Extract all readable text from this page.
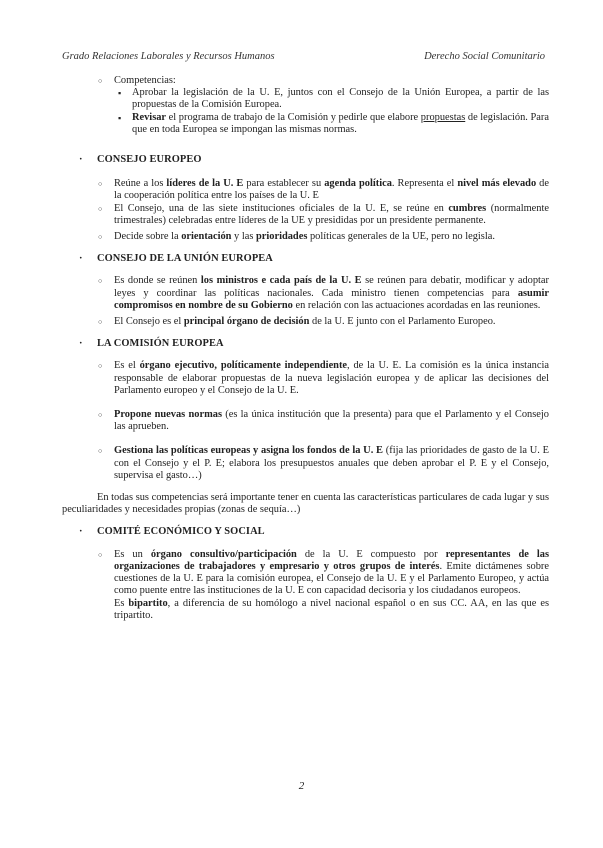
Grado Relaciones Laborales y Recursos Humanos	Derecho Social Comunitario
○ Competencias:
▪ Aprobar la legislación de la U. E, juntos con el Consejo de la Unión Europea, a partir de las propuestas de la Comisión Europea.
▪ Revisar el programa de trabajo de la Comisión y pedirle que elabore propuestas de legislación. Para que en toda Europea se impongan las mismas normas.
· CONSEJO EUROPEO
○ Reúne a los líderes de la U. E para establecer su agenda política. Representa el nivel más elevado de la cooperación política entre los países de la U. E
○ El Consejo, una de las siete instituciones oficiales de la U. E, se reúne en cumbres (normalmente trimestrales) celebradas entre líderes de la UE y presididas por un presidente permanente.
○ Decide sobre la orientación y las prioridades políticas generales de la UE, pero no legisla.
· CONSEJO DE LA UNIÓN EUROPEA
○ Es donde se reúnen los ministros e cada país de la U. E se reúnen para debatir, modificar y adoptar leyes y coordinar las políticas nacionales. Cada ministro tienen competencias para asumir compromisos en nombre de su Gobierno en relación con las actuaciones acordadas en las reuniones.
○ El Consejo es el principal órgano de decisión de la U. E junto con el Parlamento Europeo.
· LA COMISIÓN EUROPEA
○ Es el órgano ejecutivo, políticamente independiente, de la U. E. La comisión es la única instancia responsable de elaborar propuestas de la nueva legislación europea y de aplicar las decisiones del Parlamento europeo y el Consejo de la U. E.
○ Propone nuevas normas (es la única institución que la presenta) para que el Parlamento y el Consejo las aprueben.
○ Gestiona las políticas europeas y asigna los fondos de la U. E (fija las prioridades de gasto de la U. E con el Consejo y el P. E; elabora los presupuestos anuales que deben aprobar el P. E y el Consejo, supervisa el gasto…)
En todas sus competencias será importante tener en cuenta las características particulares de cada lugar y sus peculiaridades y necesidades propias (zonas de sequía…)
· COMITÉ ECONÓMICO Y SOCIAL
○ Es un órgano consultivo/participación de la U. E compuesto por representantes de las organizaciones de trabajadores y empresario y otros grupos de interés. Emite dictámenes sobre cuestiones de la U. E para la comisión europea, el Consejo de la U. E y el Parlamento Europeo, y actúa como puente entre las instituciones de la U. E con capacidad decisoria y los ciudadanos europeos.
Es bipartito, a diferencia de su homólogo a nivel nacional español o en sus CC. AA, en las que es tripartito.
2
